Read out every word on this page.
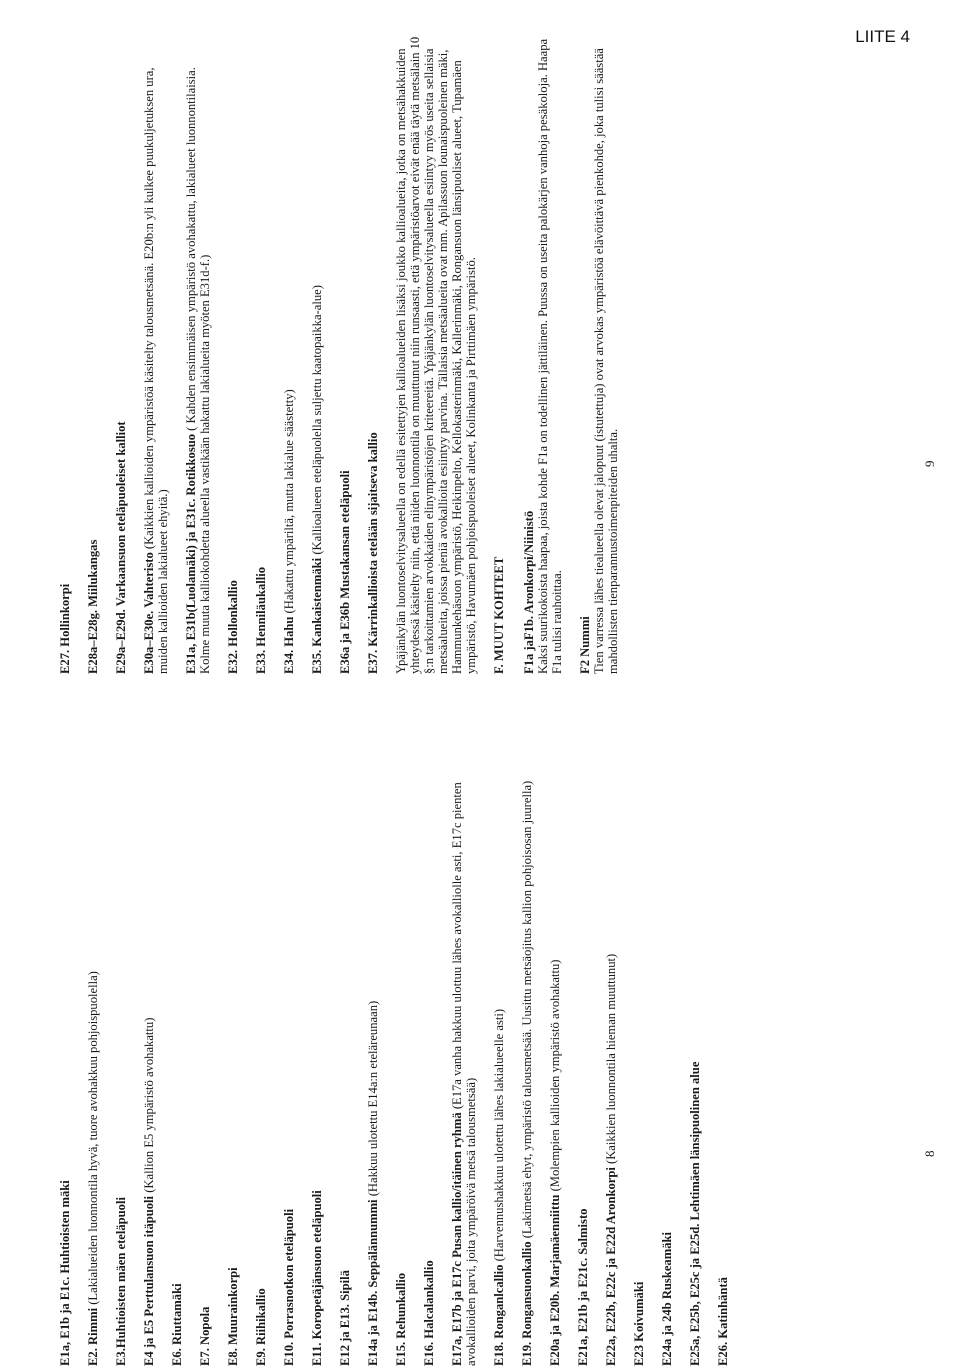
LIITE 4
E1a, E1b ja E1c. Huhtioisten mäki E2. Rimmi (Lakialueiden luonnontila hyvä, tuore avohakkuu pohjoispuolella) E3.Huhtioisten mäen eteläpuoli E4 ja E5 Perttulansuon itäpuoli (Kallion E5 ympäristö avohakattu)
E6. Riuttamäki E7. Nopola E8. Muurainkorpi E9. Riihikallio E10. Porrasnotkon eteläpuoli E11. Koropetäjänsuon eteläpuoli E12 ja E13. Sipilä E14a ja E14b. Seppälännummi (Hakkuu ulotettu E14a:n eteläreunaan)
E15. Rehunkallio E16. Halcalankallio E17a, E17b ja E17c Pusan kallio/itäinen ryhmä (E17a vanha hakkuu ulottuu lähes avokalliolle asti, E17c pienten avokallioiden parvi, joita ympäröivä metsä talousmetsää) E18. Ronganlcallio (Harvennushakkuu ulotettu lähes lakialueelle asti)
E19. Rongansuonkallio (Lakimetsä ehyt, ympäristö talousmetsää. Uusittu metsäojitus kallion pohjoisosan juurella)
E20a ja E20b. Marjamäenniittu (Molempien kallioiden ympäristö avohakattu)
E21a, E21b ja E21c. Salmisto E22a, E22b, E22c ja E22d Aronkorpi (Kaikkien luonnontila hieman muuttunut)
E23 Koivumäki E24a ja 24b Ruskeamäki E25a, E25b, E25c ja E25d. Lehtimäen länsipuolinen alue E26. Katinhäntä
8
E27. Hollinkorpi E28a–E28g. Miilukangas E29a–E29d. Varkaansuon eteläpuoleiset kalliot E30a–E30e. Vahteristo (Kaikkien kallioiden ympäristöä käsitelty talousmetsänä. E20b:n yli kulkee puukuljetuksen ura, muiden kallioiden lakialueet ehyitä.) E31a, E31b(Luolamäki) ja E31c. Rotikkosuo ( Kahden ensimmäisen ympäristö avohakattu, lakialueet luonnontilaisia. Kolme muuta kalliokohdetta alueella vastikään hakattu lakialueita myöten E31d-f.) E32. Hollonkallio E33. Henniläukallio E34. Hahu (Hakattu ympäriltä, mutta lakialue säästetty) E35. Kankaistenmäki (Kallioalueen eteläpuolella suljettu kaatopaikka-alue)
E36a ja E36b Mustakansan eteläpuoli E37. Kärrinkallioista etelään sijaitseva kallio Ypäjänkylän luontoselvitysalueella on edellä esitettyjen kallioalueiden lisäksi joukko kallioalueita, jotka on metsähakkuiden yhteydessä käsitelty niin, että niiden luonnontila on muuttunut niin runsaasti, että ympäristöarvot eivät enää täytä metsälain 10 §:n tarkoittamien arvokkaiden elinympäristöjen kriteereitä. Ypäjänkylän luontoselvitysalueella esiintyy myös useita sellaisia metsäalueita, joissa pieniä avokallioita esiintyy parvina. Tällaisia metsäalueita ovat mm. Apilassuon lounaispuoleinen mäki, Hammunkehäsuon ympäristö, Heikinpelto, Kellokasterinmäki, Kallerinmäki, Rongansuon länsipuoliset alueet, Tupamäen ympäristö, Havumäen pohjoispuoleiset alueet, Kolinkanta ja Pirttimäen ympäristö. F. MUUT KOHTEET F1a jaF1b. Aronkorpi/Niinistö Kaksi suurikokoista haapaa, joista kohde F1a on todellinen jättiläinen. Puussa on useita palokärjen vanhoja pesäkoloja. Haapa F1a tulisi rauhoittaa. F2 Nummi Tien varressa lähes tiealueella olevat jalopuut (istutettuja) ovat arvokas ympäristöä elävöittävä pienkohde, joka tulisi säästää mahdollisten tienparannustoimenpiteiden uhalta.	9
